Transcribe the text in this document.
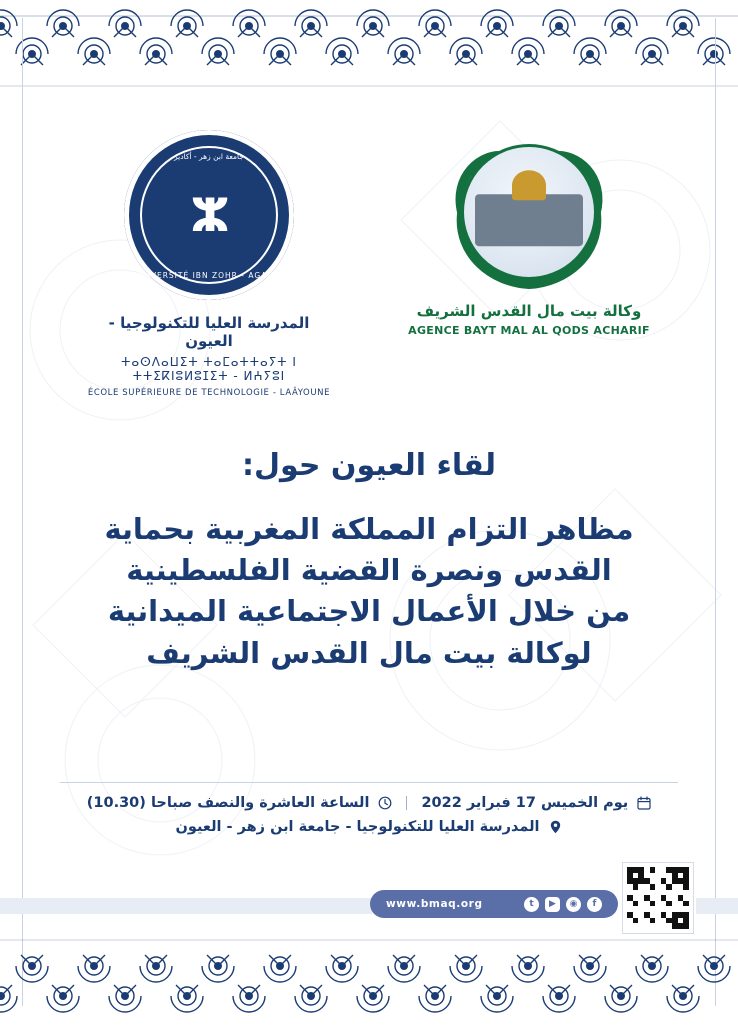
جامعة ابن زهر - أكادير
ⵣ
UNIVERSITÉ IBN ZOHR - AGADIR
المدرسة العليا للتكنولوجيا - العيون
ⵜⴰⵙⴷⴰⵡⵉⵜ ⵜⴰⵎⴰⵜⵜⴰⵢⵜ ⵏ ⵜⵜⵉⴽⵏⵓⵍⵓⵊⵉⵜ - ⵍⵄⵢⵓⵏ
ÉCOLE SUPÉRIEURE DE TECHNOLOGIE - LAÂYOUNE
وكالة بيت مال القدس الشريف
AGENCE BAYT MAL AL QODS ACHARIF
لقاء العيون حول:
مظاهر التزام المملكة المغربية بحماية
القدس ونصرة القضية الفلسطينية
من خلال الأعمال الاجتماعية الميدانية
لوكالة بيت مال القدس الشريف
يوم الخميس 17 فبراير 2022
الساعة العاشرة والنصف صباحا (10.30)
المدرسة العليا للتكنولوجيا - جامعة ابن زهر - العيون
www.bmaq.org	t	▶	◉	f
